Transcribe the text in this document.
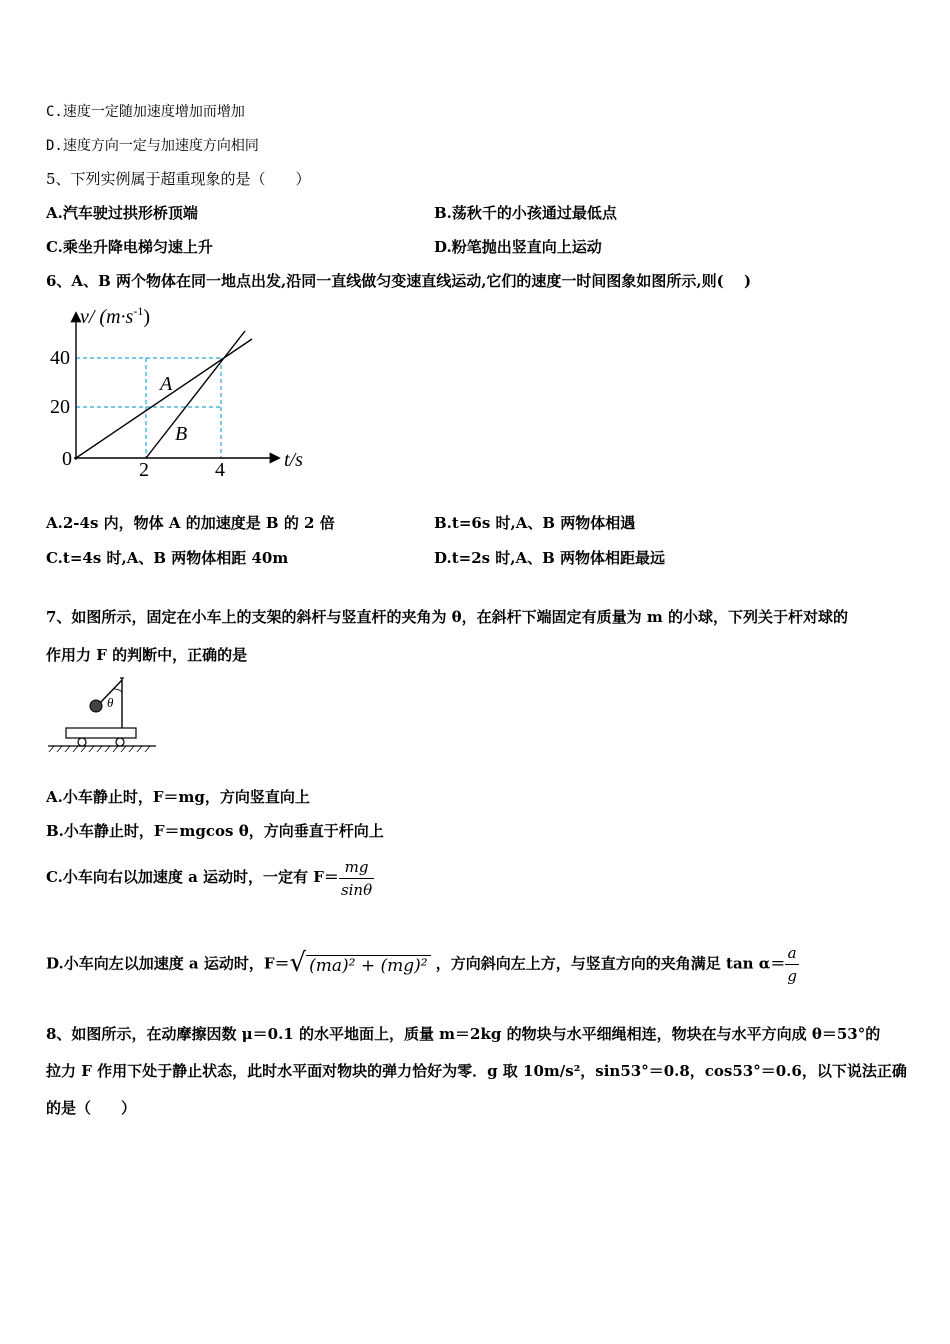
C.速度一定随加速度增加而增加
D.速度方向一定与加速度方向相同
5、下列实例属于超重现象的是（　　）
A.汽车驶过拱形桥顶端	B.荡秋千的小孩通过最低点
C.乘坐升降电梯匀速上升	D.粉笔抛出竖直向上运动
6、A、B 两个物体在同一地点出发,沿同一直线做匀变速直线运动,它们的速度一时间图象如图所示,则(　 )
v/ $(m\cdot s^{-1})$
40
20
0	2	4	t/s
A
B
A.2-4s 内，物体 A 的加速度是 B 的 2 倍	B.t=6s 时,A、B 两物体相遇
C.t=4s 时,A、B 两物体相距 40m	D.t=2s 时,A、B 两物体相距最远
7、如图所示，固定在小车上的支架的斜杆与竖直杆的夹角为 θ，在斜杆下端固定有质量为 m 的小球，下列关于杆对球的
作用力 F 的判断中，正确的是
θ
A.小车静止时，F＝mg，方向竖直向上
B.小车静止时，F＝mgcos θ，方向垂直于杆向上
C.小车向右以加速度 a 运动时，一定有 $F= \frac{mg}{\sin\theta}$
D.小车向左以加速度 a 运动时，F＝√ (ma)² + (mg)² ，方向斜向左上方，与竖直方向的夹角满足 $\tan \alpha= \frac{a}{g}$
8、如图所示，在动摩擦因数 μ＝0.1 的水平地面上，质量 m＝2kg 的物块与水平细绳相连，物块在与水平方向成 θ＝53°的
拉力 F 作用下处于静止状态，此时水平面对物块的弹力恰好为零．g 取 10m/s²，sin53°＝0.8，cos53°＝0.6，以下说法正确
的是（　　）
